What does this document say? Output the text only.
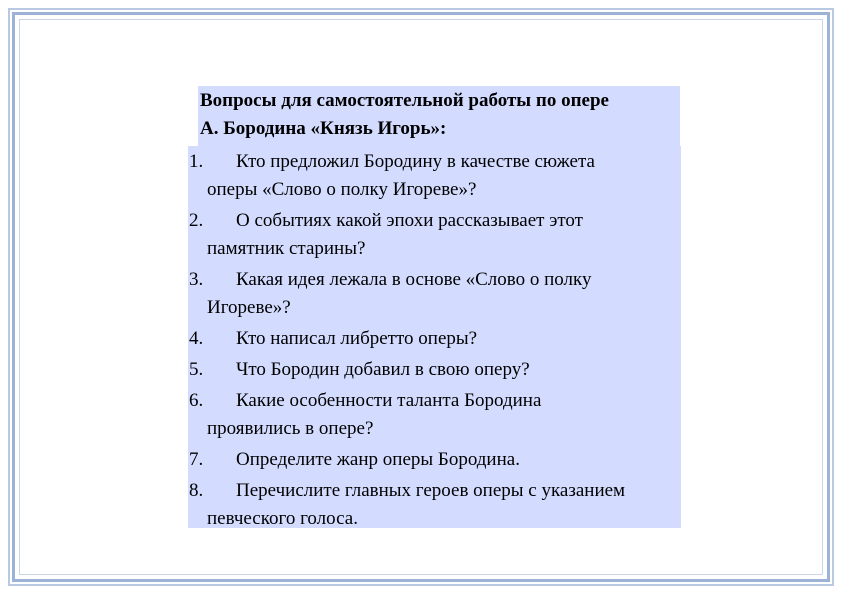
Вопросы для самостоятельной работы по опере
А. Бородина «Князь Игорь»:
1. Кто предложил Бородину в качестве сюжета
оперы «Слово о полку Игореве»?
2. О событиях какой эпохи рассказывает этот
памятник старины?
3. Какая идея лежала в основе «Слово о полку
Игореве»?
4. Кто написал либретто оперы?
5. Что Бородин добавил в свою оперу?
6. Какие особенности таланта Бородина
проявились в опере?
7. Определите жанр оперы Бородина.
8. Перечислите главных героев оперы с указанием
певческого голоса.
